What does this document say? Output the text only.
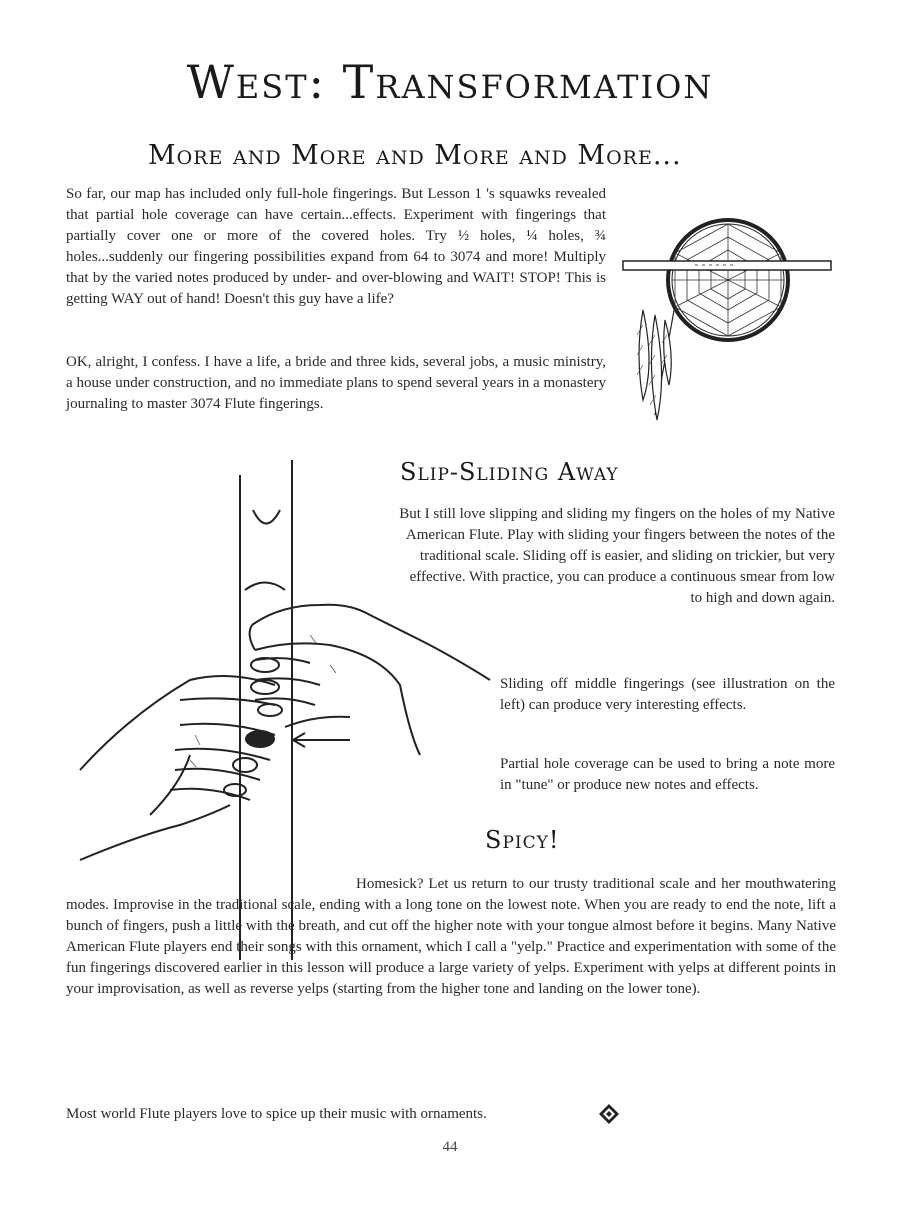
West: Transformation
More and More and More and More...

So far, our map has included only full-hole fingerings. But Lesson 1 's squawks revealed that partial hole coverage can have certain...effects. Experiment with fingerings that partially cover one or more of the covered holes. Try ½ holes, ¼ holes, ¾ holes...suddenly our fingering possibilities expand from 64 to 3074 and more! Multiply that by the varied notes produced by under- and over-blowing and WAIT! STOP! This is getting WAY out of hand! Doesn't this guy have a life?

OK, alright, I confess. I have a life, a bride and three kids, several jobs, a music ministry, a house under construction, and no immediate plans to spend several years in a monastery journaling to master 3074 Flute fingerings.

Slip-Sliding Away

But I still love slipping and sliding my fingers on the holes of my Native American Flute. Play with sliding your fingers between the notes of the traditional scale. Sliding off is easier, and sliding on trickier, but very effective. With practice, you can produce a continuous smear from low to high and down again.

Sliding off middle fingerings (see illustration on the left) can produce very interesting effects.

Partial hole coverage can be used to bring a note more in "tune" or produce new notes and effects.

Spicy!

Homesick? Let us return to our trusty traditional scale and her mouthwatering modes. Improvise in the traditional scale, ending with a long tone on the lowest note. When you are ready to end the note, lift a bunch of fingers, push a little with the breath, and cut off the higher note with your tongue almost before it begins. Many Native American Flute players end their songs with this ornament, which I call a "yelp." Practice and experimentation with some of the fun fingerings discovered earlier in this lesson will produce a large variety of yelps. Experiment with yelps at different points in your improvisation, as well as reverse yelps (starting from the higher tone and landing on the lower tone).

Most world Flute players love to spice up their music with ornaments.

44
